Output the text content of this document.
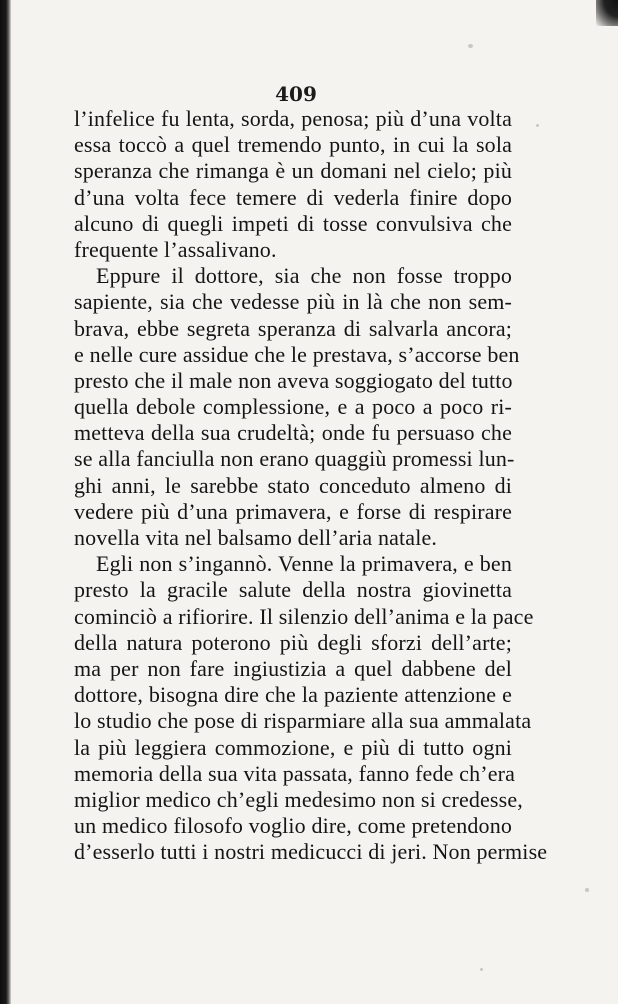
409
l’infelice fu lenta, sorda, penosa; più d’una volta
essa toccò a quel tremendo punto, in cui la sola
speranza che rimanga è un domani nel cielo; più
d’una volta fece temere di vederla finire dopo
alcuno di quegli impeti di tosse convulsiva che
frequente l’assalivano.
Eppure il dottore, sia che non fosse troppo
sapiente, sia che vedesse più in là che non sem-
brava, ebbe segreta speranza di salvarla ancora;
e nelle cure assidue che le prestava, s’accorse ben
presto che il male non aveva soggiogato del tutto
quella debole complessione, e a poco a poco ri-
metteva della sua crudeltà; onde fu persuaso che
se alla fanciulla non erano quaggiù promessi lun-
ghi anni, le sarebbe stato conceduto almeno di
vedere più d’una primavera, e forse di respirare
novella vita nel balsamo dell’aria natale.
Egli non s’ingannò. Venne la primavera, e ben
presto la gracile salute della nostra giovinetta
cominciò a rifiorire. Il silenzio dell’anima e la pace
della natura poterono più degli sforzi dell’arte;
ma per non fare ingiustizia a quel dabbene del
dottore, bisogna dire che la paziente attenzione e
lo studio che pose di risparmiare alla sua ammalata
la più leggiera commozione, e più di tutto ogni
memoria della sua vita passata, fanno fede ch’era
miglior medico ch’egli medesimo non si credesse,
un medico filosofo voglio dire, come pretendono
d’esserlo tutti i nostri medicucci di jeri. Non permise
